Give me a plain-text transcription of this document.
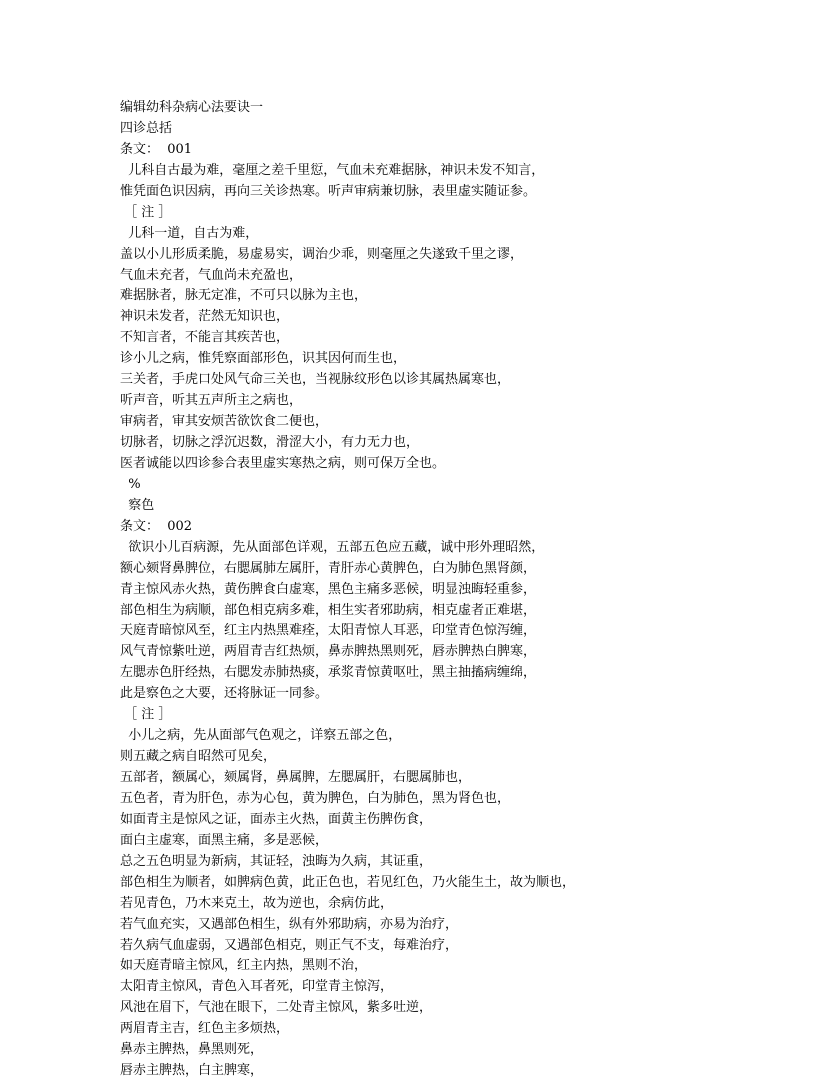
编辑幼科杂病心法要诀一
四诊总括
条文：  001
儿科自古最为难，毫厘之差千里愆，气血未充难据脉，神识未发不知言，
惟凭面色识因病，再向三关诊热寒。听声审病兼切脉，表里虚实随证参。
［ 注 ］
儿科一道，自古为难，
盖以小儿形质柔脆，易虚易实，调治少乖，则毫厘之失遂致千里之谬，
气血未充者，气血尚未充盈也，
难据脉者，脉无定准，不可只以脉为主也，
神识未发者，茫然无知识也，
不知言者，不能言其疾苦也，
诊小儿之病，惟凭察面部形色，识其因何而生也，
三关者，手虎口处风气命三关也，当视脉纹形色以诊其属热属寒也，
听声音，听其五声所主之病也，
审病者，审其安烦苦欲饮食二便也，
切脉者，切脉之浮沉迟数，滑涩大小，有力无力也，
医者诚能以四诊参合表里虚实寒热之病，则可保万全也。
%
察色
条文：  002
欲识小儿百病源，先从面部色详观，五部五色应五藏，诚中形外理昭然，
额心颏肾鼻脾位，右腮属肺左属肝，青肝赤心黄脾色，白为肺色黑肾颜，
青主惊风赤火热，黄伤脾食白虚寒，黑色主痛多恶候，明显浊晦轻重参，
部色相生为病顺，部色相克病多难，相生实者邪助病，相克虚者正难堪，
天庭青暗惊风至，红主内热黑难痊，太阳青惊人耳恶，印堂青色惊泻缠，
风气青惊紫吐逆，两眉青吉红热烦，鼻赤脾热黑则死，唇赤脾热白脾寒，
左腮赤色肝经热，右腮发赤肺热痰，承浆青惊黄呕吐，黑主抽搐病缠绵，
此是察色之大要，还将脉证一同参。
［ 注 ］
小儿之病，先从面部气色观之，详察五部之色，
则五藏之病自昭然可见矣，
五部者，额属心，颏属肾，鼻属脾，左腮属肝，右腮属肺也，
五色者，青为肝色，赤为心包，黄为脾色，白为肺色，黑为肾色也，
如面青主是惊风之证，面赤主火热，面黄主伤脾伤食，
面白主虚寒，面黑主痛，多是恶候，
总之五色明显为新病，其证轻，浊晦为久病，其证重，
部色相生为顺者，如脾病色黄，此正色也，若见红色，乃火能生土，故为顺也，
若见青色，乃木来克土，故为逆也，余病仿此，
若气血充实，又遇部色相生，纵有外邪助病，亦易为治疗，
若久病气血虚弱，又遇部色相克，则正气不支，每难治疗，
如天庭青暗主惊风，红主内热，黑则不治，
太阳青主惊风，青色入耳者死，印堂青主惊泻，
风池在眉下，气池在眼下，二处青主惊风，紫多吐逆，
两眉青主吉，红色主多烦热，
鼻赤主脾热，鼻黑则死，
唇赤主脾热，白主脾寒，
